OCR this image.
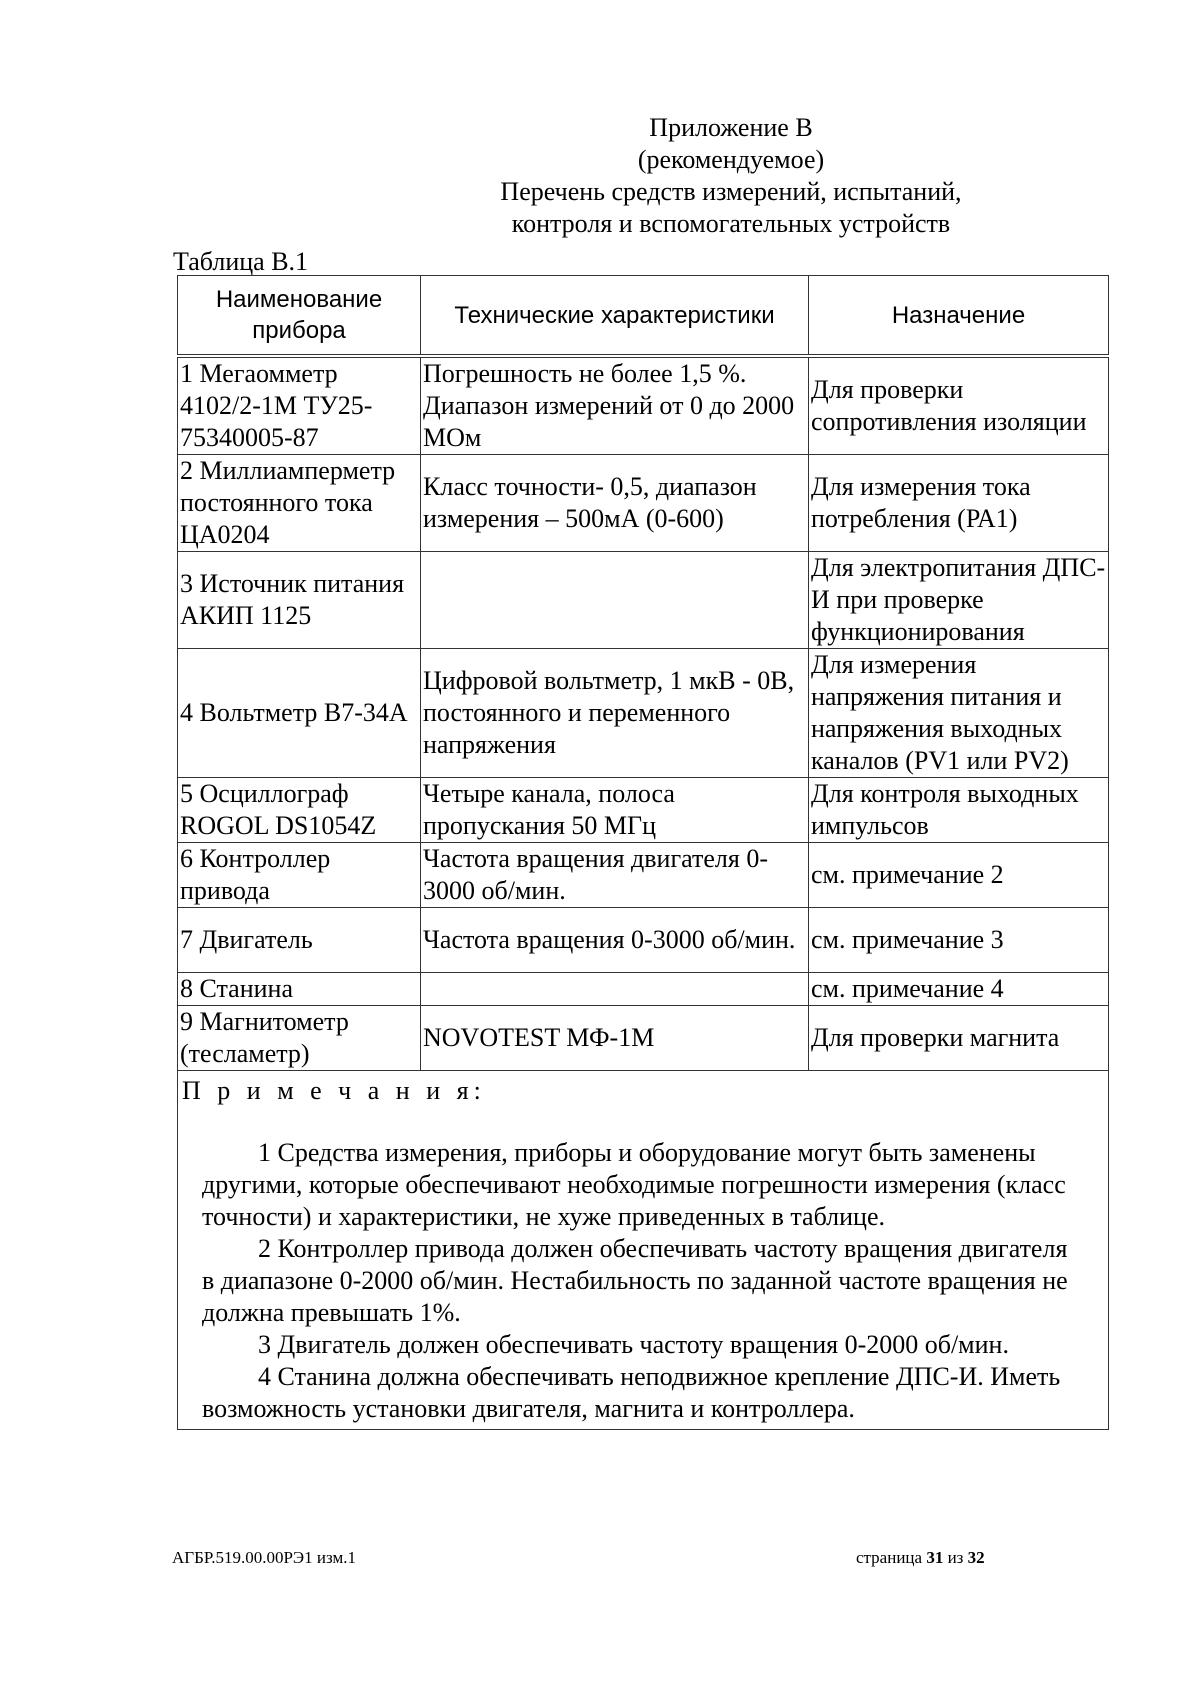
Приложение В
(рекомендуемое)
Перечень средств измерений, испытаний,
контроля и вспомогательных устройств
Таблица В.1
Наименование прибора	Технические характеристики	Назначение
1 Мегаомметр 4102/2-1М ТУ25-75340005-87	Погрешность не более 1,5 %. Диапазон измерений от 0 до 2000 МОм	Для проверки сопротивления изоляции
2 Миллиамперметр постоянного тока ЦА0204	Класс точности- 0,5, диапазон измерения – 500мА (0-600)	Для измерения тока потребления (РА1)
3 Источник питания АКИП 1125		Для электропитания ДПС-И при проверке функционирования
4 Вольтметр В7-34А	Цифровой вольтметр, 1 мкВ - 0В, постоянного и переменного напряжения	Для измерения напряжения питания и напряжения выходных каналов (PV1 или PV2)
5 Осциллограф ROGOL DS1054Z	Четыре канала, полоса пропускания 50 МГц	Для контроля выходных импульсов
6 Контроллер привода	Частота вращения двигателя 0-3000 об/мин.	см. примечание 2
7 Двигатель	Частота вращения 0-3000 об/мин.	см. примечание 3
8 Станина		см. примечание 4
9 Магнитометр (тесламетр)	NOVOTEST МФ-1М	Для проверки магнита

П р и м е ч а н и я:

1 Средства измерения, приборы и оборудование могут быть заменены другими, которые обеспечивают необходимые погрешности измерения (класс точности) и характеристики, не хуже приведенных в таблице.

2 Контроллер привода должен обеспечивать частоту вращения двигателя в диапазоне 0-2000 об/мин. Нестабильность по заданной частоте вращения не должна превышать 1%.

3 Двигатель должен обеспечивать частоту вращения 0-2000 об/мин.

4 Станина должна обеспечивать неподвижное крепление ДПС-И. Иметь возможность установки двигателя, магнита и контроллера.		

АГБР.519.00.00РЭ1 изм.1	страница 31 из 32
